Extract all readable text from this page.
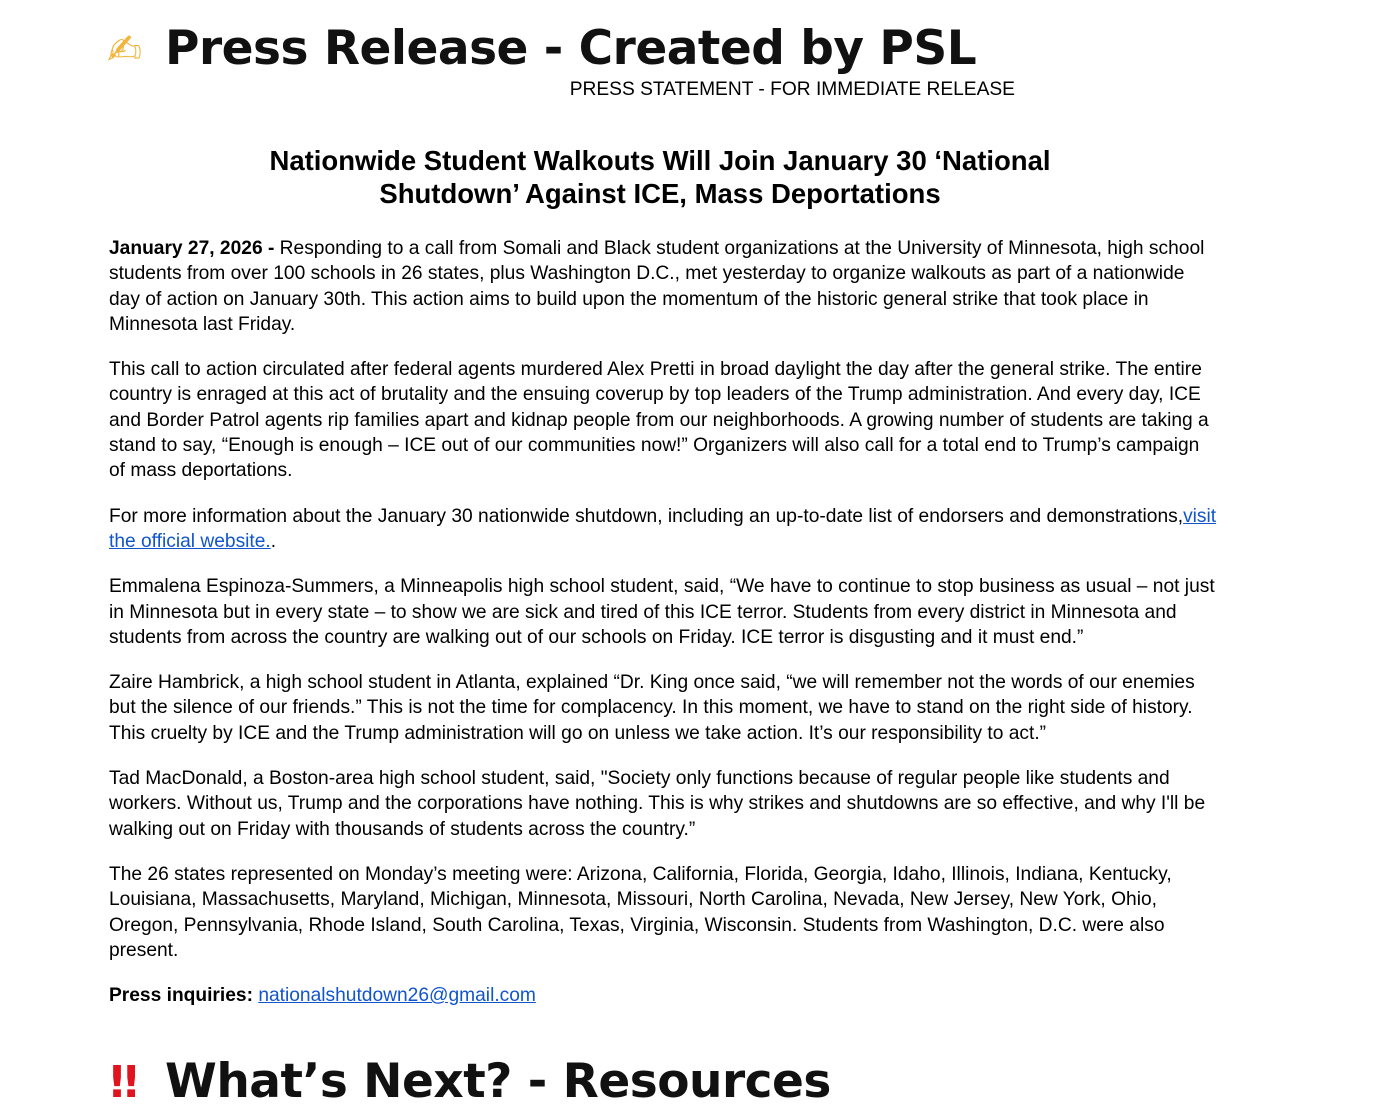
✍ Press Release - Created by PSL
PRESS STATEMENT - FOR IMMEDIATE RELEASE
Nationwide Student Walkouts Will Join January 30 ‘National
Shutdown’ Against ICE, Mass Deportations

January 27, 2026 - Responding to a call from Somali and Black student organizations at the University of Minnesota, high school students from over 100 schools in 26 states, plus Washington D.C., met yesterday to organize walkouts as part of a nationwide day of action on January 30th. This action aims to build upon the momentum of the historic general strike that took place in Minnesota last Friday.

This call to action circulated after federal agents murdered Alex Pretti in broad daylight the day after the general strike. The entire country is enraged at this act of brutality and the ensuing coverup by top leaders of the Trump administration. And every day, ICE and Border Patrol agents rip families apart and kidnap people from our neighborhoods. A growing number of students are taking a stand to say, “Enough is enough – ICE out of our communities now!” Organizers will also call for a total end to Trump’s campaign of mass deportations.

For more information about the January 30 nationwide shutdown, including an up-to-date list of endorsers and demonstrations,visit the official website..

Emmalena Espinoza-Summers, a Minneapolis high school student, said, “We have to continue to stop business as usual – not just in Minnesota but in every state – to show we are sick and tired of this ICE terror. Students from every district in Minnesota and students from across the country are walking out of our schools on Friday. ICE terror is disgusting and it must end.”

Zaire Hambrick, a high school student in Atlanta, explained “Dr. King once said, “we will remember not the words of our enemies but the silence of our friends.” This is not the time for complacency. In this moment, we have to stand on the right side of history. This cruelty by ICE and the Trump administration will go on unless we take action. It’s our responsibility to act.”

Tad MacDonald, a Boston-area high school student, said, "Society only functions because of regular people like students and workers. Without us, Trump and the corporations have nothing. This is why strikes and shutdowns are so effective, and why I'll be walking out on Friday with thousands of students across the country.”

The 26 states represented on Monday’s meeting were: Arizona, California, Florida, Georgia, Idaho, Illinois, Indiana, Kentucky, Louisiana, Massachusetts, Maryland, Michigan, Minnesota, Missouri, North Carolina, Nevada, New Jersey, New York, Ohio, Oregon, Pennsylvania, Rhode Island, South Carolina, Texas, Virginia, Wisconsin. Students from Washington, D.C. were also present.

Press inquiries: nationalshutdown26@gmail.com

!! What’s Next? - Resources
